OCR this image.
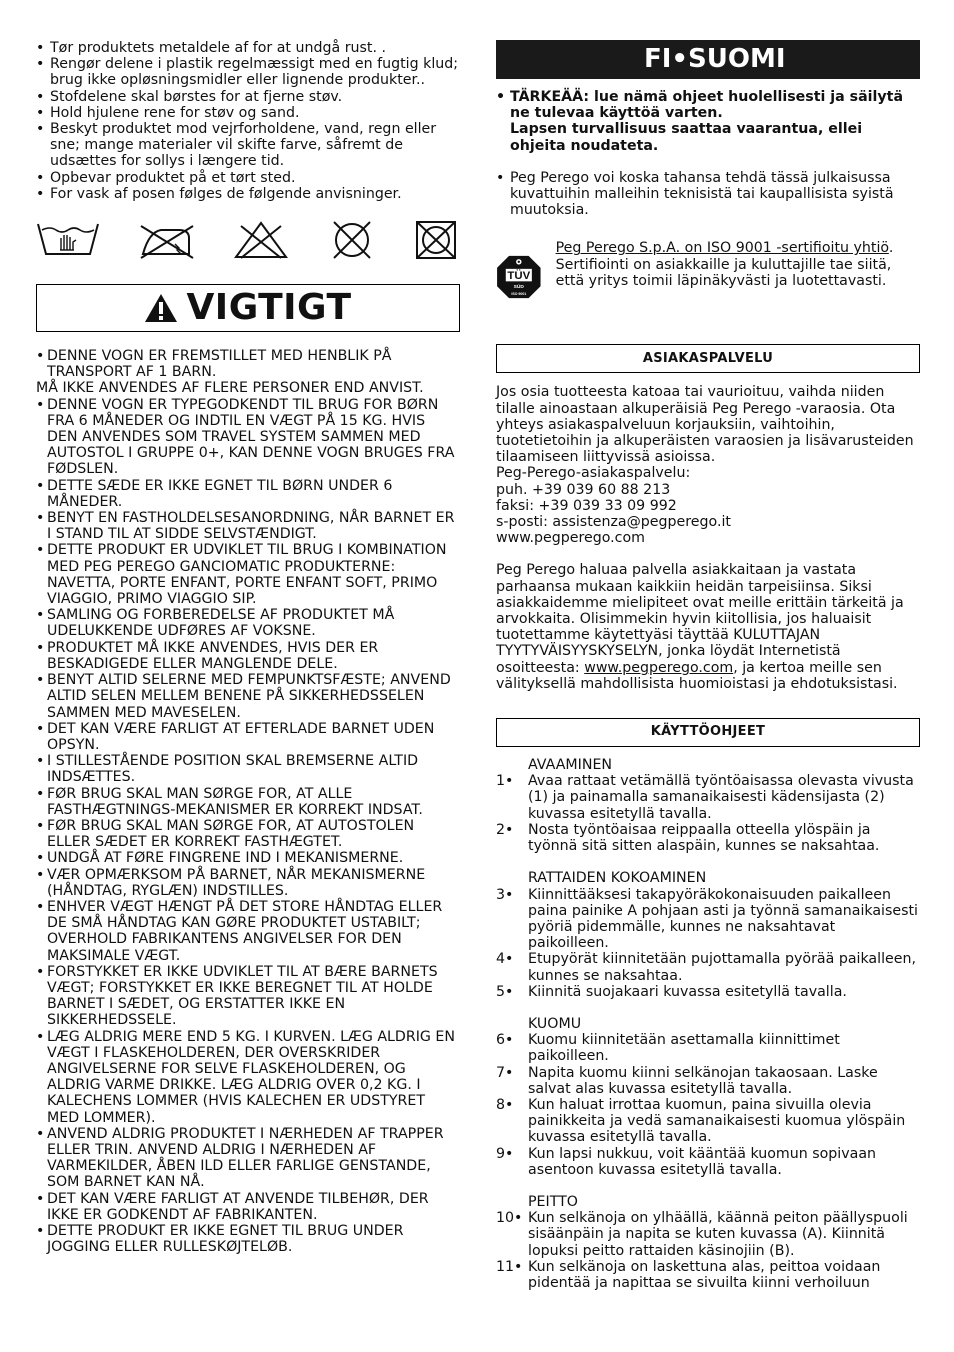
• Tør produktets metaldele af for at undgå rust. .
• Rengør delene i plastik regelmæssigt med en fugtig klud; brug ikke opløsningsmidler eller lignende produkter..
• Stofdelene skal børstes for at fjerne støv.
• Hold hjulene rene for støv og sand.
• Beskyt produktet mod vejrforholdene, vand, regn eller sne; mange materialer vil skifte farve, såfremt de udsættes for sollys i længere tid.
• Opbevar produktet på et tørt sted.
• For vask af posen følges de følgende anvisninger.
VIGTIGT

• DENNE VOGN ER FREMSTILLET MED HENBLIK PÅ TRANSPORT AF 1 BARN.

MÅ IKKE ANVENDES AF FLERE PERSONER END ANVIST.

• DENNE VOGN ER TYPEGODKENDT TIL BRUG FOR BØRN FRA 6 MÅNEDER OG INDTIL EN VÆGT PÅ 15 KG. HVIS DEN ANVENDES SOM TRAVEL SYSTEM SAMMEN MED AUTOSTOL I GRUPPE 0+, KAN DENNE VOGN BRUGES FRA FØDSLEN.

• DETTE SÆDE ER IKKE EGNET TIL BØRN UNDER 6 MÅNEDER.

• BENYT EN FASTHOLDELSESANORDNING, NÅR BARNET ER I STAND TIL AT SIDDE SELVSTÆNDIGT.

• DETTE PRODUKT ER UDVIKLET TIL BRUG I KOMBINATION MED PEG PEREGO GANCIOMATIC PRODUKTERNE: NAVETTA, PORTE ENFANT, PORTE ENFANT SOFT, PRIMO VIAGGIO, PRIMO VIAGGIO SIP.

• SAMLING OG FORBEREDELSE AF PRODUKTET MÅ UDELUKKENDE UDFØRES AF VOKSNE.

• PRODUKTET MÅ IKKE ANVENDES, HVIS DER ER BESKADIGEDE ELLER MANGLENDE DELE.

• BENYT ALTID SELERNE MED FEMPUNKTSFÆSTE; ANVEND ALTID SELEN MELLEM BENENE PÅ SIKKERHEDSSELEN SAMMEN MED MAVESELEN.

• DET KAN VÆRE FARLIGT AT EFTERLADE BARNET UDEN OPSYN.

• I STILLESTÅENDE POSITION SKAL BREMSERNE ALTID INDSÆTTES.

• FØR BRUG SKAL MAN SØRGE FOR, AT ALLE FASTHÆGTNINGS-MEKANISMER ER KORREKT INDSAT.

• FØR BRUG SKAL MAN SØRGE FOR, AT AUTOSTOLEN ELLER SÆDET ER KORREKT FASTHÆGTET.

• UNDGÅ AT FØRE FINGRENE IND I MEKANISMERNE.

• VÆR OPMÆRKSOM PÅ BARNET, NÅR MEKANISMERNE (HÅNDTAG, RYGLÆN) INDSTILLES.

• ENHVER VÆGT HÆNGT PÅ DET STORE HÅNDTAG ELLER DE SMÅ HÅNDTAG KAN GØRE PRODUKTET USTABILT; OVERHOLD FABRIKANTENS ANGIVELSER FOR DEN MAKSIMALE VÆGT.

• FORSTYKKET ER IKKE UDVIKLET TIL AT BÆRE BARNETS VÆGT; FORSTYKKET ER IKKE BEREGNET TIL AT HOLDE BARNET I SÆDET, OG ERSTATTER IKKE EN SIKKERHEDSSELE.

• LÆG ALDRIG MERE END 5 KG. I KURVEN. LÆG ALDRIG EN VÆGT I FLASKEHOLDEREN, DER OVERSKRIDER ANGIVELSERNE FOR SELVE FLASKEHOLDEREN, OG ALDRIG VARME DRIKKE. LÆG ALDRIG OVER 0,2 KG. I KALECHENS LOMMER (HVIS KALECHEN ER UDSTYRET MED LOMMER).

• ANVEND ALDRIG PRODUKTET I NÆRHEDEN AF TRAPPER ELLER TRIN. ANVEND ALDRIG I NÆRHEDEN AF VARMEKILDER, ÅBEN ILD ELLER FARLIGE GENSTANDE, SOM BARNET KAN NÅ.

• DET KAN VÆRE FARLIGT AT ANVENDE TILBEHØR, DER IKKE ER GODKENDT AF FABRIKANTEN.

• DETTE PRODUKT ER IKKE EGNET TIL BRUG UNDER JOGGING ELLER RULLESKØJTELØB.

FI•SUOMI
• TÄRKEÄÄ: lue nämä ohjeet huolellisesti ja säilytä ne tulevaa käyttöä varten.
Lapsen turvallisuus saattaa vaarantua, ellei ohjeita noudateta.
• Peg Perego voi koska tahansa tehdä tässä julkaisussa kuvattuihin malleihin teknisistä tai kaupallisista syistä muutoksia.
TÜV
SÜD
ISO 9001
Peg Perego S.p.A. on ISO 9001 -sertifioitu yhtiö.
Sertifiointi on asiakkaille ja kuluttajille tae siitä, että yritys toimii läpinäkyvästi ja luotettavasti.
ASIAKASPALVELU

Jos osia tuotteesta katoaa tai vaurioituu, vaihda niiden tilalle ainoastaan alkuperäisiä Peg Perego -varaosia. Ota yhteys asiakaspalveluun korjauksiin, vaihtoihin, tuotetietoihin ja alkuperäisten varaosien ja lisävarusteiden tilaamiseen liittyvissä asioissa.

Peg-Perego-asiakaspalvelu:

puh. +39 039 60 88 213

faksi: +39 039 33 09 992

s-posti: assistenza@pegperego.it

www.pegperego.com

Peg Perego haluaa palvella asiakkaitaan ja vastata parhaansa mukaan kaikkiin heidän tarpeisiinsa. Siksi asiakkaidemme mielipiteet ovat meille erittäin tärkeitä ja arvokkaita. Olisimmekin hyvin kiitollisia, jos haluaisit tuotettamme käytettyäsi täyttää KULUTTAJAN TYYTYVÄISYYSKYSELYN, jonka löydät Internetistä osoitteesta: www.pegperego.com, ja kertoa meille sen välityksellä mahdollisista huomioistasi ja ehdotuksistasi.

KÄYTTÖOHJEET
AVAAMINEN
1•	Avaa rattaat vetämällä työntöaisassa olevasta vivusta (1) ja painamalla samanaikaisesti kädensijasta (2) kuvassa esitetyllä tavalla.
2•	Nosta työntöaisaa reippaalla otteella ylöspäin ja työnnä sitä sitten alaspäin, kunnes se naksahtaa.
RATTAIDEN KOKOAMINEN
3•	Kiinnittääksesi takapyöräkokonaisuuden paikalleen paina painike A pohjaan asti ja työnnä samanaikaisesti pyöriä pidemmälle, kunnes ne naksahtavat paikoilleen.
4•	Etupyörät kiinnitetään pujottamalla pyörää paikalleen, kunnes se naksahtaa.
5•	Kiinnitä suojakaari kuvassa esitetyllä tavalla.
KUOMU
6•	Kuomu kiinnitetään asettamalla kiinnittimet paikoilleen.
7•	Napita kuomu kiinni selkänojan takaosaan. Laske salvat alas kuvassa esitetyllä tavalla.
8•	Kun haluat irrottaa kuomun, paina sivuilla olevia painikkeita ja vedä samanaikaisesti kuomua ylöspäin kuvassa esitetyllä tavalla.
9•	Kun lapsi nukkuu, voit kääntää kuomun sopivaan asentoon kuvassa esitetyllä tavalla.
PEITTO
10• Kun selkänoja on ylhäällä, käännä peiton päällyspuoli sisäänpäin ja napita se kuten kuvassa (A). Kiinnitä lopuksi peitto rattaiden käsinojiin (B).
11• Kun selkänoja on laskettuna alas, peittoa voidaan pidentää ja napittaa se sivuilta kiinni verhoiluun
